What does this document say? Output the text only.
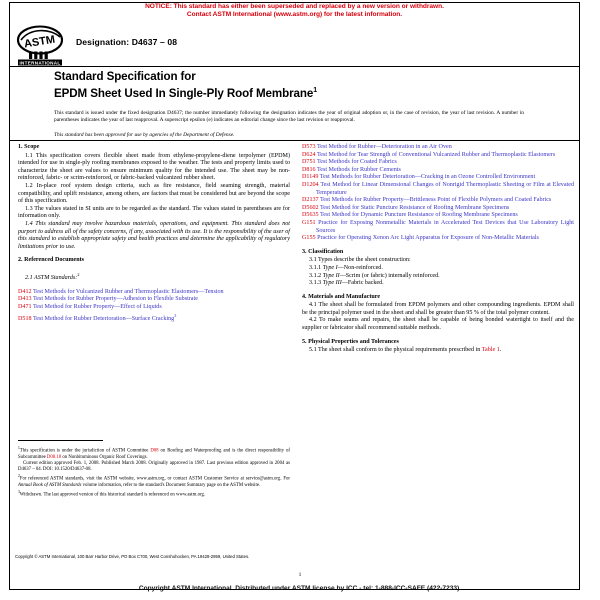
NOTICE: This standard has either been superseded and replaced by a new version or withdrawn.
Contact ASTM International (www.astm.org) for the latest information.
ASTM
INTERNATIONAL
Designation: D4637 – 08
Standard Specification for
EPDM Sheet Used In Single-Ply Roof Membrane$^1$
This standard is issued under the fixed designation D4637; the number immediately following the designation indicates the year of original adoption or, in the case of revision, the year of last revision. A number in parentheses indicates the year of last reapproval. A superscript epsilon (e) indicates an editorial change since the last revision or reapproval.
This standard has been approved for use by agencies of the Department of Defense.
1. Scope

1.1 This specification covers flexible sheet made from ethylene-propylene-diene terpolymer (EPDM) intended for use in single-ply roofing membranes exposed to the weather. The tests and property limits used to characterize the sheet are values to ensure minimum quality for the intended use. The sheet may be non-reinforced, fabric- or scrim-reinforced, or fabric-backed vulcanized rubber sheet.

1.2 In-place roof system design criteria, such as fire resistance, field seaming strength, material compatibility, and uplift resistance, among others, are factors that must be considered but are beyond the scope of this specification.

1.3 The values stated in SI units are to be regarded as the standard. The values stated in parentheses are for information only.

1.4 This standard may involve hazardous materials, operations, and equipment. This standard does not purport to address all of the safety concerns, if any, associated with its use. It is the responsibility of the user of this standard to establish appropriate safety and health practices and determine the applicability of regulatory limitations prior to use.

2. Referenced Documents

2.1 ASTM Standards:$^2$

D412 Test Methods for Vulcanized Rubber and Thermoplastic Elastomers—Tension

D413 Test Methods for Rubber Property—Adhesion to Flexible Substrate

D471 Test Method for Rubber Property—Effect of Liquids

D518 Test Method for Rubber Deterioration—Surface Cracking$^3$

D573 Test Method for Rubber—Deterioration in an Air Oven

D624 Test Method for Tear Strength of Conventional Vulcanized Rubber and Thermoplastic Elastomers

D751 Test Methods for Coated Fabrics

D816 Test Methods for Rubber Cements

D1149 Test Methods for Rubber Deterioration—Cracking in an Ozone Controlled Environment

D1204 Test Method for Linear Dimensional Changes of Nonrigid Thermoplastic Sheeting or Film at Elevated Temperature

D2137 Test Methods for Rubber Property—Brittleness Point of Flexible Polymers and Coated Fabrics

D5602 Test Method for Static Puncture Resistance of Roofing Membrane Specimens

D5635 Test Method for Dynamic Puncture Resistance of Roofing Membrane Specimens

G151 Practice for Exposing Nonmetallic Materials in Accelerated Test Devices that Use Laboratory Light Sources

G155 Practice for Operating Xenon Arc Light Apparatus for Exposure of Non-Metallic Materials

3. Classification

3.1 Types describe the sheet construction:

3.1.1 Type I—Non-reinforced.

3.1.2 Type II—Scrim (or fabric) internally reinforced.

3.1.3 Type III—Fabric backed.

4. Materials and Manufacture

4.1 The sheet shall be formulated from EPDM polymers and other compounding ingredients. EPDM shall be the principal polymer used in the sheet and shall be greater than 95 % of the total polymer content.

4.2 To make seams and repairs, the sheet shall be capable of being bonded watertight to itself and the supplier or fabricator shall recommend suitable methods.

5. Physical Properties and Tolerances

5.1 The sheet shall conform to the physical requirements prescribed in Table 1.

$^1$This specification is under the jurisdiction of ASTM Committee D08 on Roofing and Waterproofing and is the direct responsibility of Subcommittee D08.18 on Nonbituminous Organic Roof Coverings.

Current edition approved Feb. 1, 2008. Published March 2008. Originally approved in 1987. Last previous edition approved in 2004 as D4637 – 04. DOI: 10.1520/D4637-08.

$^2$For referenced ASTM standards, visit the ASTM website, www.astm.org, or contact ASTM Customer Service at service@astm.org. For Annual Book of ASTM Standards volume information, refer to the standard's Document Summary page on the ASTM website.

$^3$Withdrawn. The last approved version of this historical standard is referenced on www.astm.org.

Copyright © ASTM International, 100 Barr Harbor Drive, PO Box C700, West Conshohocken, PA 19428-2959, United States.
1
Copyright ASTM International. Distributed under ASTM license by ICC - tel: 1-888-ICC-SAFE (422-7233).
